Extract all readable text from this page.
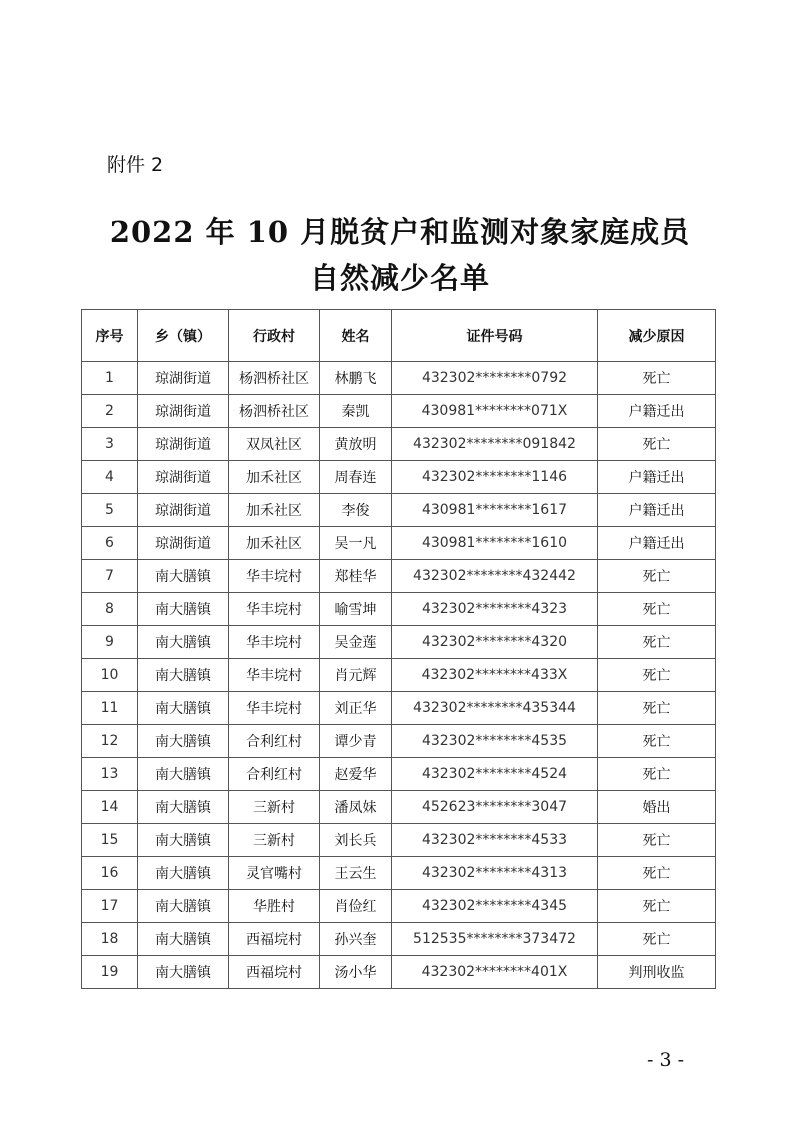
附件 2
2022 年 10 月脱贫户和监测对象家庭成员
自然减少名单
序号	乡（镇）	行政村	姓名	证件号码	减少原因
1	琼湖街道	杨泗桥社区	林鹏飞	432302********0792	死亡
2	琼湖街道	杨泗桥社区	秦凯	430981********071X	户籍迁出
3	琼湖街道	双凤社区	黄放明	432302********091842	死亡
4	琼湖街道	加禾社区	周春连	432302********1146	户籍迁出
5	琼湖街道	加禾社区	李俊	430981********1617	户籍迁出
6	琼湖街道	加禾社区	吴一凡	430981********1610	户籍迁出
7	南大膳镇	华丰垸村	郑桂华	432302********432442	死亡
8	南大膳镇	华丰垸村	喻雪坤	432302********4323	死亡
9	南大膳镇	华丰垸村	吴金莲	432302********4320	死亡
10	南大膳镇	华丰垸村	肖元辉	432302********433X	死亡
11	南大膳镇	华丰垸村	刘正华	432302********435344	死亡
12	南大膳镇	合利红村	谭少青	432302********4535	死亡
13	南大膳镇	合利红村	赵爱华	432302********4524	死亡
14	南大膳镇	三新村	潘凤妹	452623********3047	婚出
15	南大膳镇	三新村	刘长兵	432302********4533	死亡
16	南大膳镇	灵官嘴村	王云生	432302********4313	死亡
17	南大膳镇	华胜村	肖俭红	432302********4345	死亡
18	南大膳镇	西福垸村	孙兴奎	512535********373472	死亡
19	南大膳镇	西福垸村	汤小华	432302********401X	判刑收监
- 3 -
